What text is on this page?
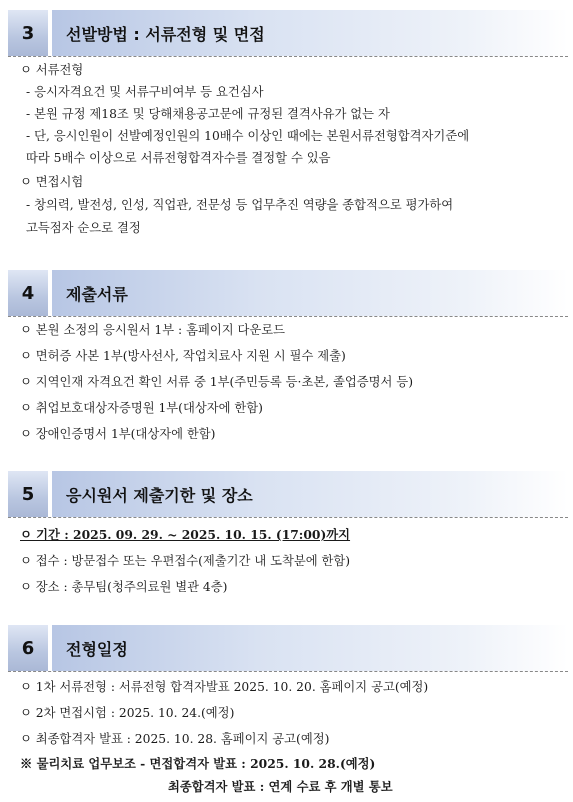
3	선발방법 : 서류전형 및 면접
ㅇ 서류전형
- 응시자격요건 및 서류구비여부 등 요건심사
- 본원 규정 제18조 및 당해채용공고문에 규정된 결격사유가 없는 자
- 단, 응시인원이 선발예정인원의 10배수 이상인 때에는 본원서류전형합격자기준에
따라 5배수 이상으로 서류전형합격자수를 결정할 수 있음
ㅇ 면접시험
- 창의력, 발전성, 인성, 직업관, 전문성 등 업무추진 역량을 종합적으로 평가하여
고득점자 순으로 결정
4	제출서류
ㅇ 본원 소정의 응시원서 1부 : 홈페이지 다운로드
ㅇ 면허증 사본 1부(방사선사, 작업치료사 지원 시 필수 제출)
ㅇ 지역인재 자격요건 확인 서류 중 1부(주민등록 등·초본, 졸업증명서 등)
ㅇ 취업보호대상자증명원 1부(대상자에 한함)
ㅇ 장애인증명서 1부(대상자에 한함)
5	응시원서 제출기한 및 장소
ㅇ 기간 : 2025. 09. 29. ~ 2025. 10. 15. (17:00)까지
ㅇ 접수 : 방문접수 또는 우편접수(제출기간 내 도착분에 한함)
ㅇ 장소 : 총무팀(청주의료원 별관 4층)
6	전형일정
ㅇ 1차 서류전형 : 서류전형 합격자발표 2025. 10. 20. 홈페이지 공고(예정)
ㅇ 2차 면접시험 : 2025. 10. 24.(예정)
ㅇ 최종합격자 발표 : 2025. 10. 28. 홈페이지 공고(예정)
※ 물리치료 업무보조 - 면접합격자 발표 : 2025. 10. 28.(예정)
최종합격자 발표 : 연계 수료 후 개별 통보
